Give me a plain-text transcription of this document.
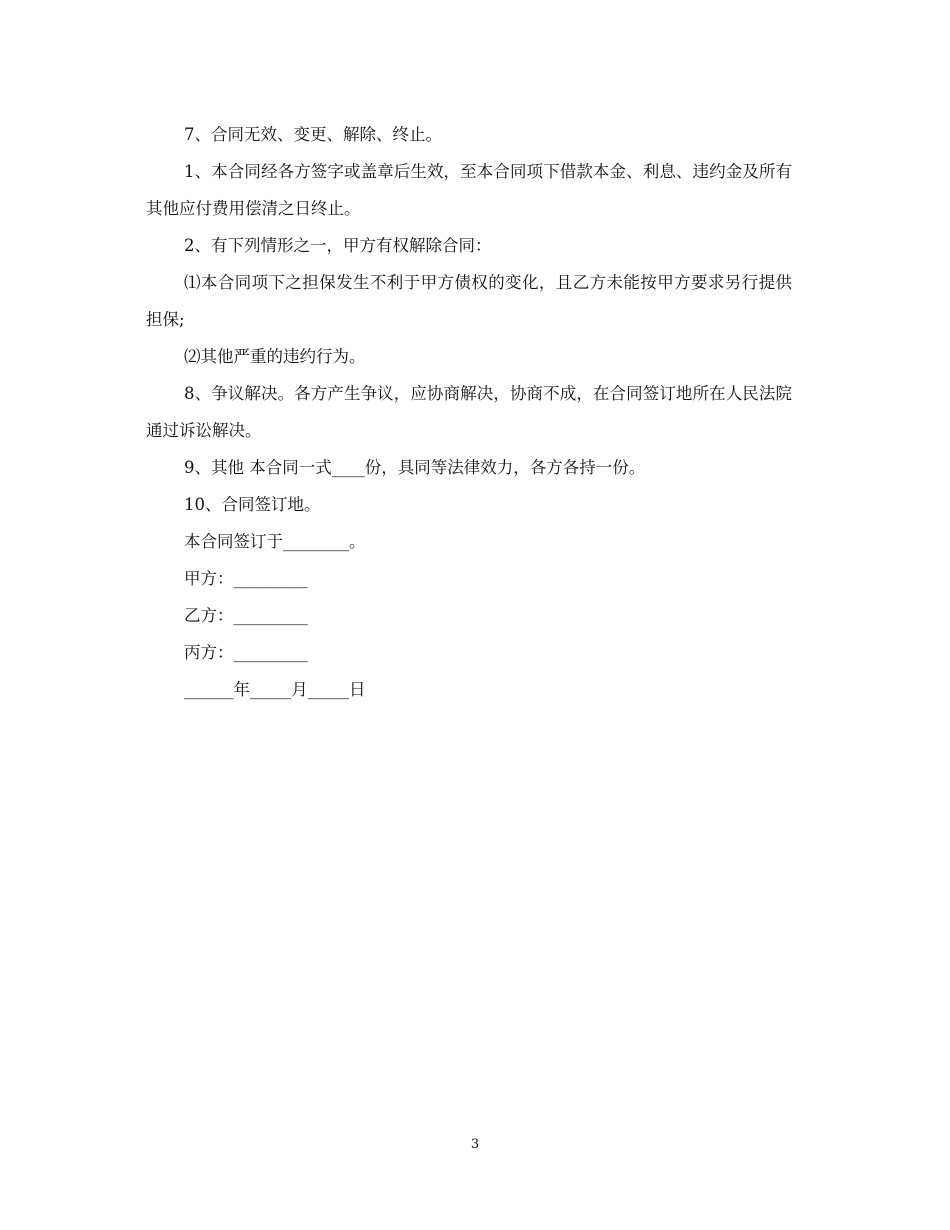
7、合同无效、变更、解除、终止。

1、本合同经各方签字或盖章后生效，至本合同项下借款本金、利息、违约金及所有其他应付费用偿清之日终止。

2、有下列情形之一，甲方有权解除合同：

⑴本合同项下之担保发生不利于甲方债权的变化，且乙方未能按甲方要求另行提供担保;

⑵其他严重的违约行为。

8、争议解决。各方产生争议，应协商解决，协商不成，在合同签订地所在人民法院通过诉讼解决。

9、其他 本合同一式____份，具同等法律效力，各方各持一份。

10、合同签订地。

本合同签订于________。

甲方：_________

乙方：_________

丙方：_________

______年_____月_____日

3
